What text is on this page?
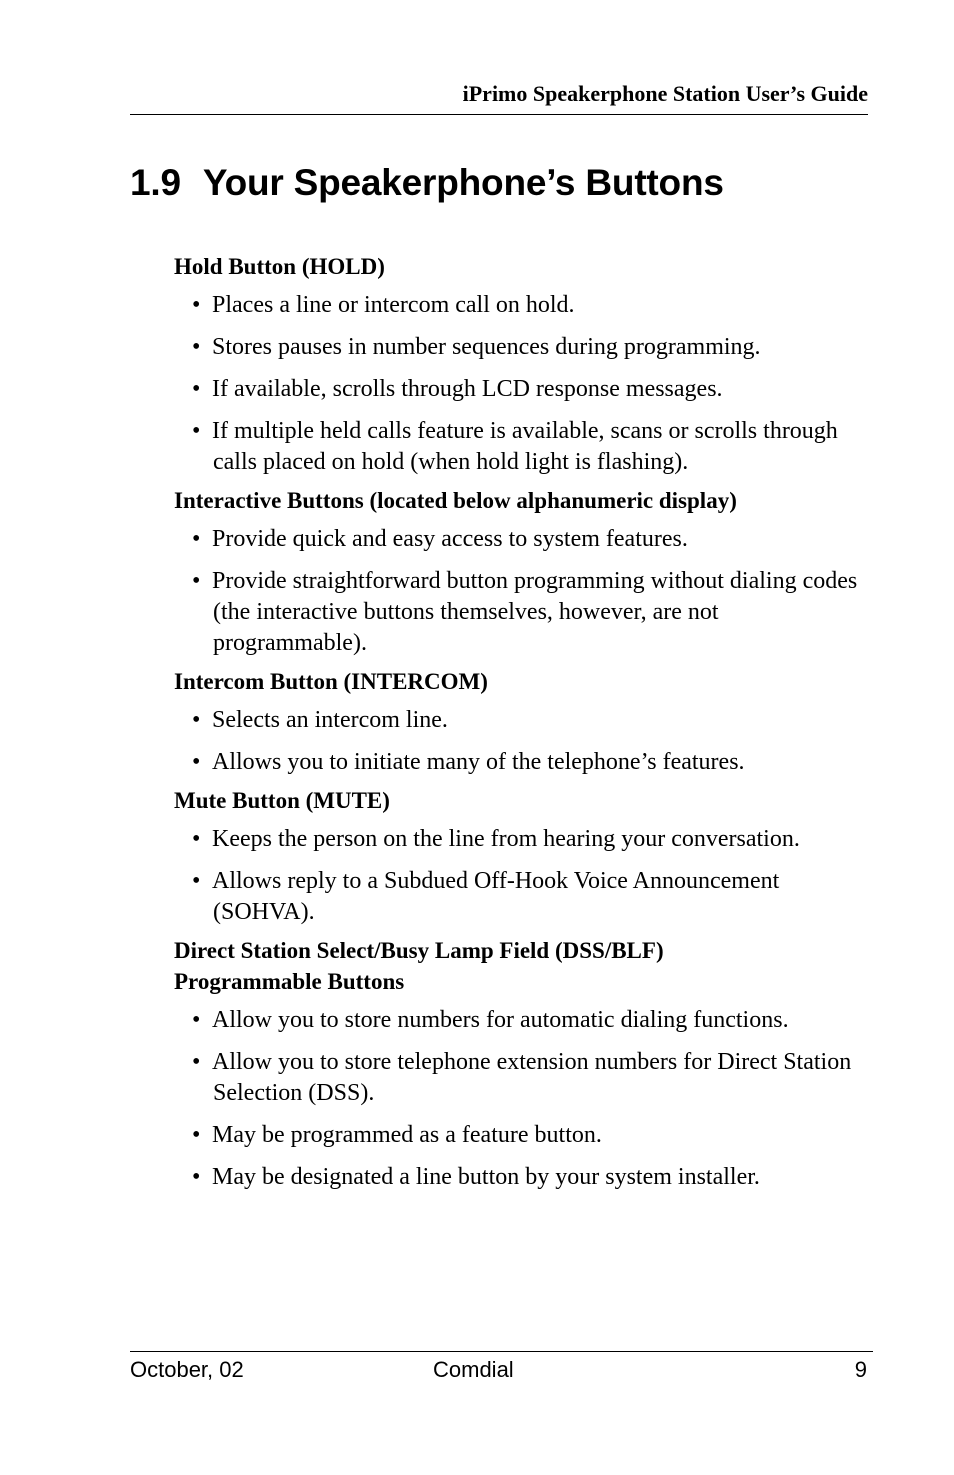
iPrimo Speakerphone Station User’s Guide
1.9 Your Speakerphone’s Buttons
Hold Button (HOLD)
• Places a line or intercom call on hold.
• Stores pauses in number sequences during programming.
• If available, scrolls through LCD response messages.
• If multiple held calls feature is available, scans or scrolls through calls placed on hold (when hold light is flashing).
Interactive Buttons (located below alphanumeric display)
• Provide quick and easy access to system features.
• Provide straightforward button programming without dialing codes (the interactive buttons themselves, however, are not programmable).
Intercom Button (INTERCOM)
• Selects an intercom line.
• Allows you to initiate many of the telephone’s features.
Mute Button (MUTE)
• Keeps the person on the line from hearing your conversation.
• Allows reply to a Subdued Off-Hook Voice Announcement (SOHVA).
Direct Station Select/Busy Lamp Field (DSS/BLF) Programmable Buttons
• Allow you to store numbers for automatic dialing functions.
• Allow you to store telephone extension numbers for Direct Station Selection (DSS).
• May be programmed as a feature button.
• May be designated a line button by your system installer.
October, 02	Comdial	9
